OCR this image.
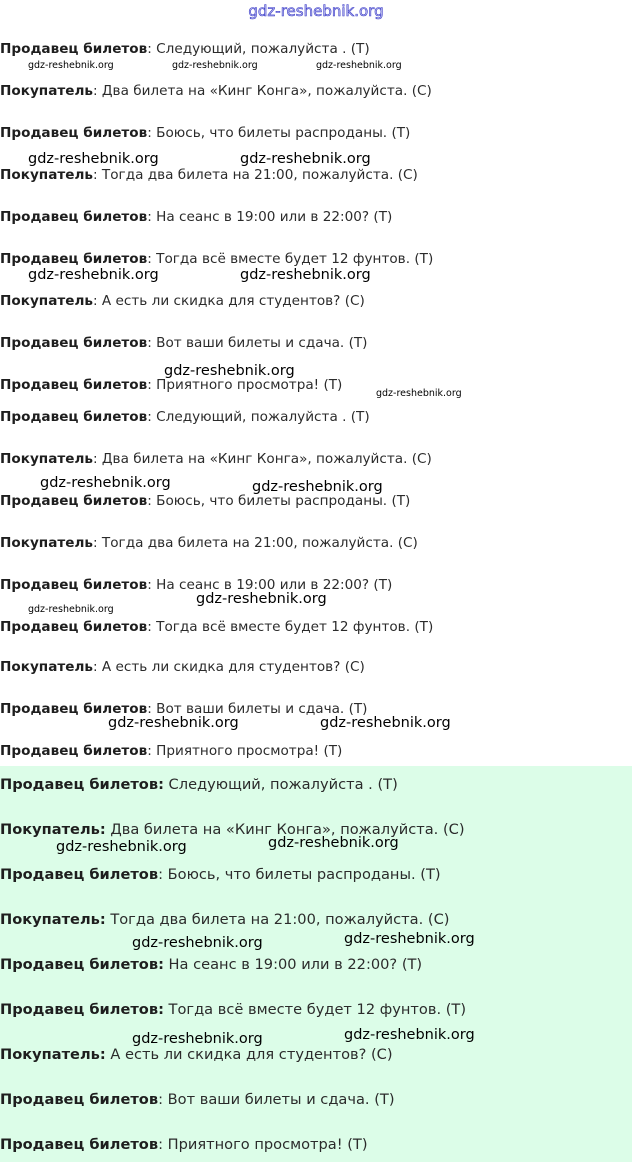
gdz-reshebnik.org
Продавец билетов: Следующий, пожалуйста . (T)
Покупатель: Два билета на «Кинг Конга», пожалуйста. (C)
Продавец билетов: Боюсь, что билеты распроданы. (T)
Покупатель: Тогда два билета на 21:00, пожалуйста. (C)
Продавец билетов: На сеанс в 19:00 или в 22:00? (T)
Продавец билетов: Тогда всё вместе будет 12 фунтов. (T)
Покупатель: А есть ли скидка для студентов? (C)
Продавец билетов: Вот ваши билеты и сдача. (T)
Продавец билетов: Приятного просмотра! (T)
Продавец билетов: Следующий, пожалуйста . (T)
Покупатель: Два билета на «Кинг Конга», пожалуйста. (C)
Продавец билетов: Боюсь, что билеты распроданы. (T)
Покупатель: Тогда два билета на 21:00, пожалуйста. (C)
Продавец билетов: На сеанс в 19:00 или в 22:00? (T)
Продавец билетов: Тогда всё вместе будет 12 фунтов. (T)
Покупатель: А есть ли скидка для студентов? (C)
Продавец билетов: Вот ваши билеты и сдача. (T)
Продавец билетов: Приятного просмотра! (T)
Продавец билетов: Следующий, пожалуйста . (T)
Покупатель: Два билета на «Кинг Конга», пожалуйста. (C)
Продавец билетов: Боюсь, что билеты распроданы. (T)
Покупатель: Тогда два билета на 21:00, пожалуйста. (C)
Продавец билетов: На сеанс в 19:00 или в 22:00? (T)
Продавец билетов: Тогда всё вместе будет 12 фунтов. (T)
Покупатель: А есть ли скидка для студентов? (C)
Продавец билетов: Вот ваши билеты и сдача. (T)
Продавец билетов: Приятного просмотра! (T)
gdz-reshebnik.org	gdz-reshebnik.org	gdz-reshebnik.org
gdz-reshebnik.org	gdz-reshebnik.org
gdz-reshebnik.org	gdz-reshebnik.org
gdz-reshebnik.org
gdz-reshebnik.org
gdz-reshebnik.org	gdz-reshebnik.org
gdz-reshebnik.org
gdz-reshebnik.org
gdz-reshebnik.org	gdz-reshebnik.org
gdz-reshebnik.org
gdz-reshebnik.org
gdz-reshebnik.org
gdz-reshebnik.org
gdz-reshebnik.org
gdz-reshebnik.org
